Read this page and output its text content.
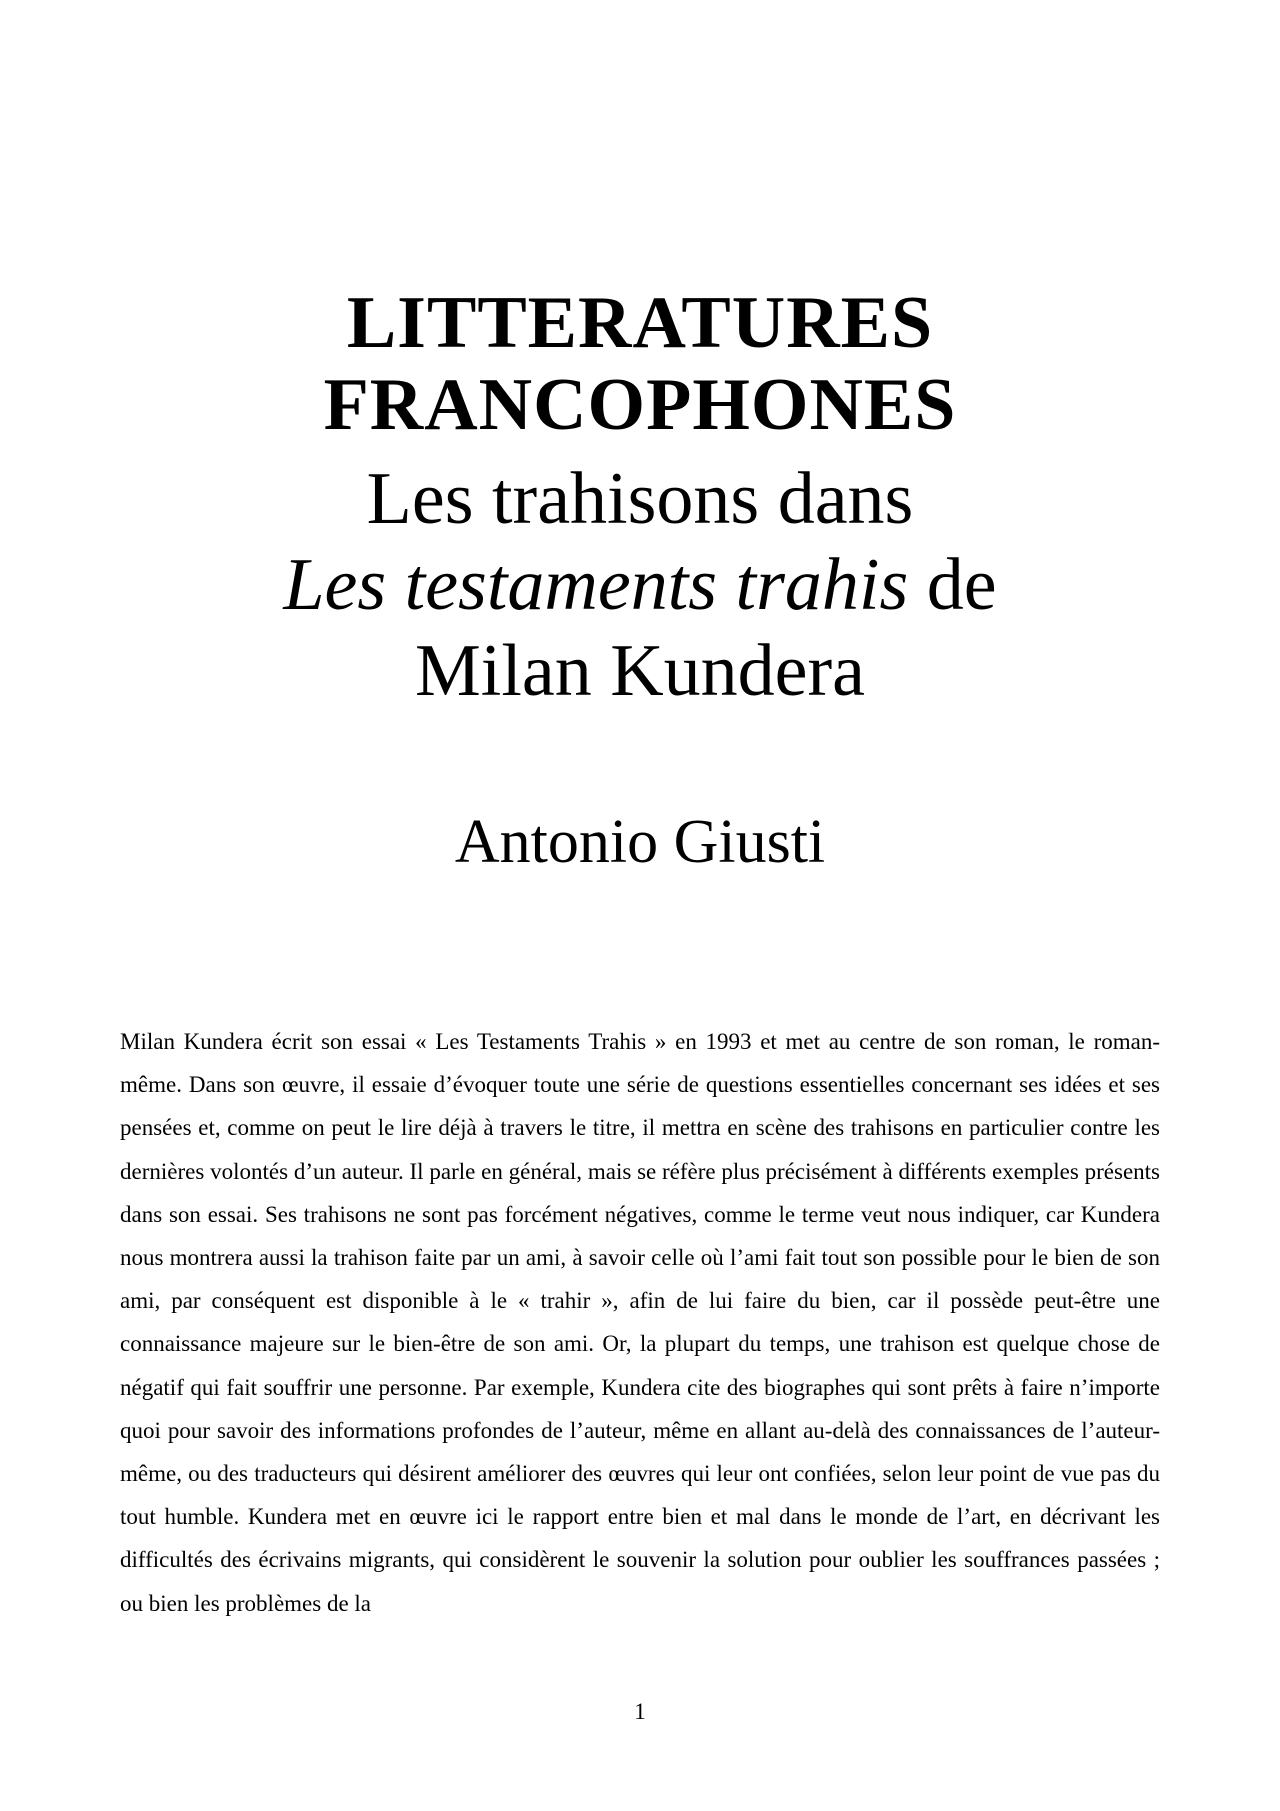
LITTERATURES
FRANCOPHONES
Les trahisons dans
Les testaments trahis de
Milan Kundera
Antonio Giusti

Milan Kundera écrit son essai « Les Testaments Trahis » en 1993 et met au centre de son roman, le roman-même. Dans son œuvre, il essaie d’évoquer toute une série de questions essentielles concernant ses idées et ses pensées et, comme on peut le lire déjà à travers le titre, il mettra en scène des trahisons en particulier contre les dernières volontés d’un auteur. Il parle en général, mais se réfère plus précisément à différents exemples présents dans son essai. Ses trahisons ne sont pas forcément négatives, comme le terme veut nous indiquer, car Kundera nous montrera aussi la trahison faite par un ami, à savoir celle où l’ami fait tout son possible pour le bien de son ami, par conséquent est disponible à le « trahir », afin de lui faire du bien, car il possède peut-être une connaissance majeure sur le bien-être de son ami. Or, la plupart du temps, une trahison est quelque chose de négatif qui fait souffrir une personne. Par exemple, Kundera cite des biographes qui sont prêts à faire n’importe quoi pour savoir des informations profondes de l’auteur, même en allant au-delà des connaissances de l’auteur-même, ou des traducteurs qui désirent améliorer des œuvres qui leur ont confiées, selon leur point de vue pas du tout humble. Kundera met en œuvre ici le rapport entre bien et mal dans le monde de l’art, en décrivant les difficultés des écrivains migrants, qui considèrent le souvenir la solution pour oublier les souffrances passées ; ou bien les problèmes de la

1
